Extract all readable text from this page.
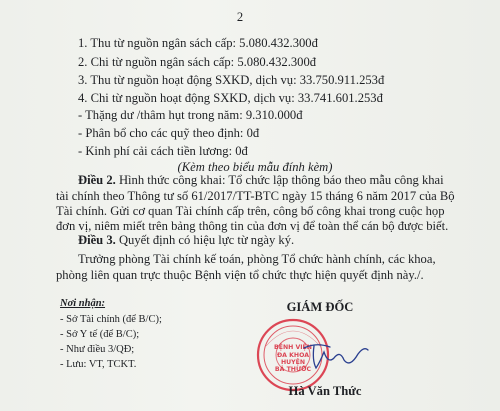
2
1. Thu từ nguồn ngân sách cấp: 5.080.432.300đ
2. Chi từ nguồn ngân sách cấp: 5.080.432.300đ
3. Thu từ nguồn hoạt động SXKD, dịch vụ: 33.750.911.253đ
4. Chi từ nguồn hoạt động SXKD, dịch vụ: 33.741.601.253đ
- Thặng dư /thâm hụt trong năm: 9.310.000đ
- Phân bổ cho các quỹ theo định: 0đ
- Kinh phí cải cách tiền lương: 0đ
(Kèm theo biểu mẫu đính kèm)
Điều 2. Hình thức công khai: Tổ chức lập thông báo theo mẫu công khai
tài chính theo Thông tư số 61/2017/TT-BTC ngày 15 tháng 6 năm 2017 của Bộ
Tài chính. Gửi cơ quan Tài chính cấp trên, công bố công khai trong cuộc họp
đơn vị, niêm miết trên bảng thông tin của đơn vị để toàn thể cán bộ được biết.
Điều 3. Quyết định có hiệu lực từ ngày ký.
Trưởng phòng Tài chính kế toán, phòng Tổ chức hành chính, các khoa,
phòng liên quan trực thuộc Bệnh viện tổ chức thực hiện quyết định này./.
Nơi nhận:
- Sở Tài chính (để B/C);
- Sở Y tế (để B/C);
- Như điều 3/QĐ;
- Lưu: VT, TCKT.
GIÁM ĐỐC
BỆNH VIỆN
ĐA KHOA
HUYỆN
BÁ THƯỚC
Hà Văn Thức
